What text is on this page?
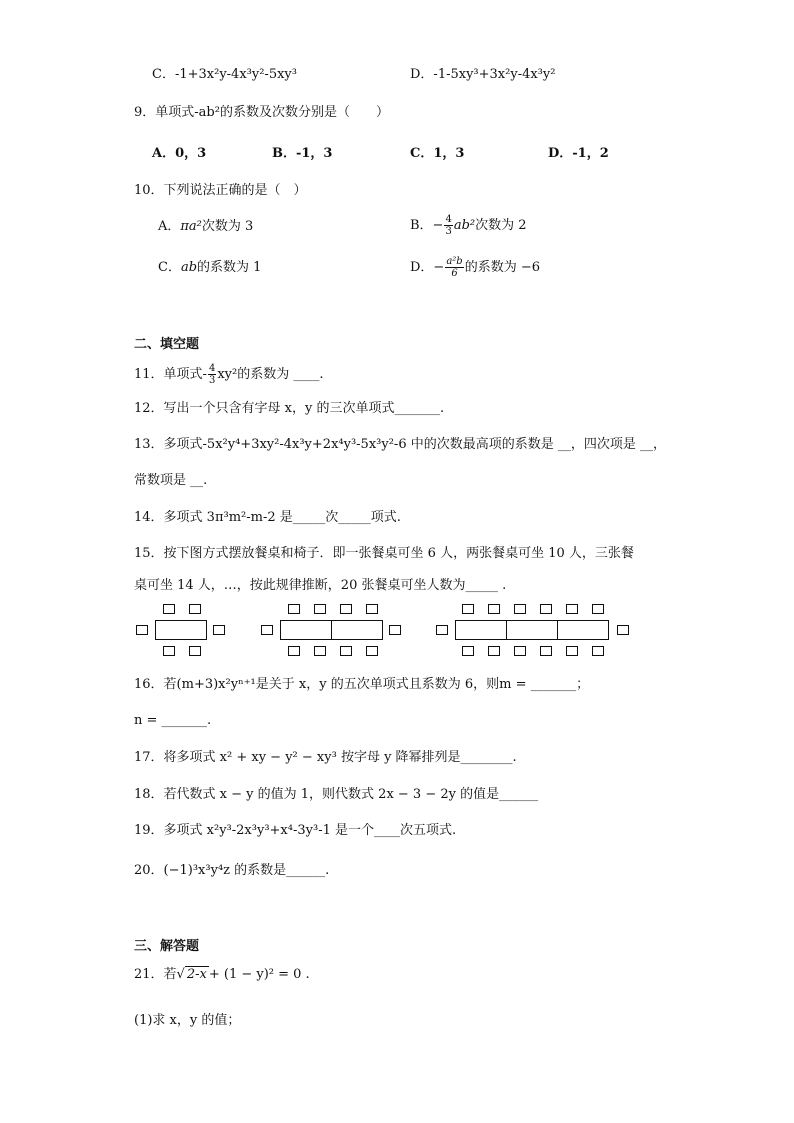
C．-1+3x²y-4x³y²-5xy³	D．-1-5xy³+3x²y-4x³y²
9．单项式-ab²的系数及次数分别是（　　）
A．0，3	B．-1，3	C．1，3	D．-1，2
10．下列说法正确的是（　）
A．πa²次数为 3	B．− $\frac{4}{3} ab^2$次数为 2
C．ab的系数为 1	D．− $\frac{\text{a²b}}{6}$ 的系数为 −6
二、填空题
11．单项式- $\frac{4}{3} xy^2$的系数为 ____.
12．写出一个只含有字母 x，y 的三次单项式_______.
13．多项式-5x²y⁴+3xy²-4x³y+2x⁴y³-5x³y²-6 中的次数最高项的系数是 __，四次项是 __，
常数项是 __.
14．多项式 3π³m²-m-2 是_____次_____项式.
15．按下图方式摆放餐桌和椅子．即一张餐桌可坐 6 人，两张餐桌可坐 10 人，三张餐
桌可坐 14 人，…，按此规律推断，20 张餐桌可坐人数为_____ .
16．若(m+3)x²yⁿ⁺¹是关于 x，y 的五次单项式且系数为 6，则m = _______；
n = _______.
17．将多项式 x² + xy − y² − xy³ 按字母 y 降幂排列是________.
18．若代数式 x − y 的值为 1，则代数式 2x − 3 − 2y 的值是______
19．多项式 x²y³-2x³y³+x⁴-3y³-1 是一个____次五项式.
20．(−1)³x³y⁴z 的系数是______.
三、解答题
21．若√ 2-x + (1 − y)² = 0 .
(1)求 x，y 的值；
